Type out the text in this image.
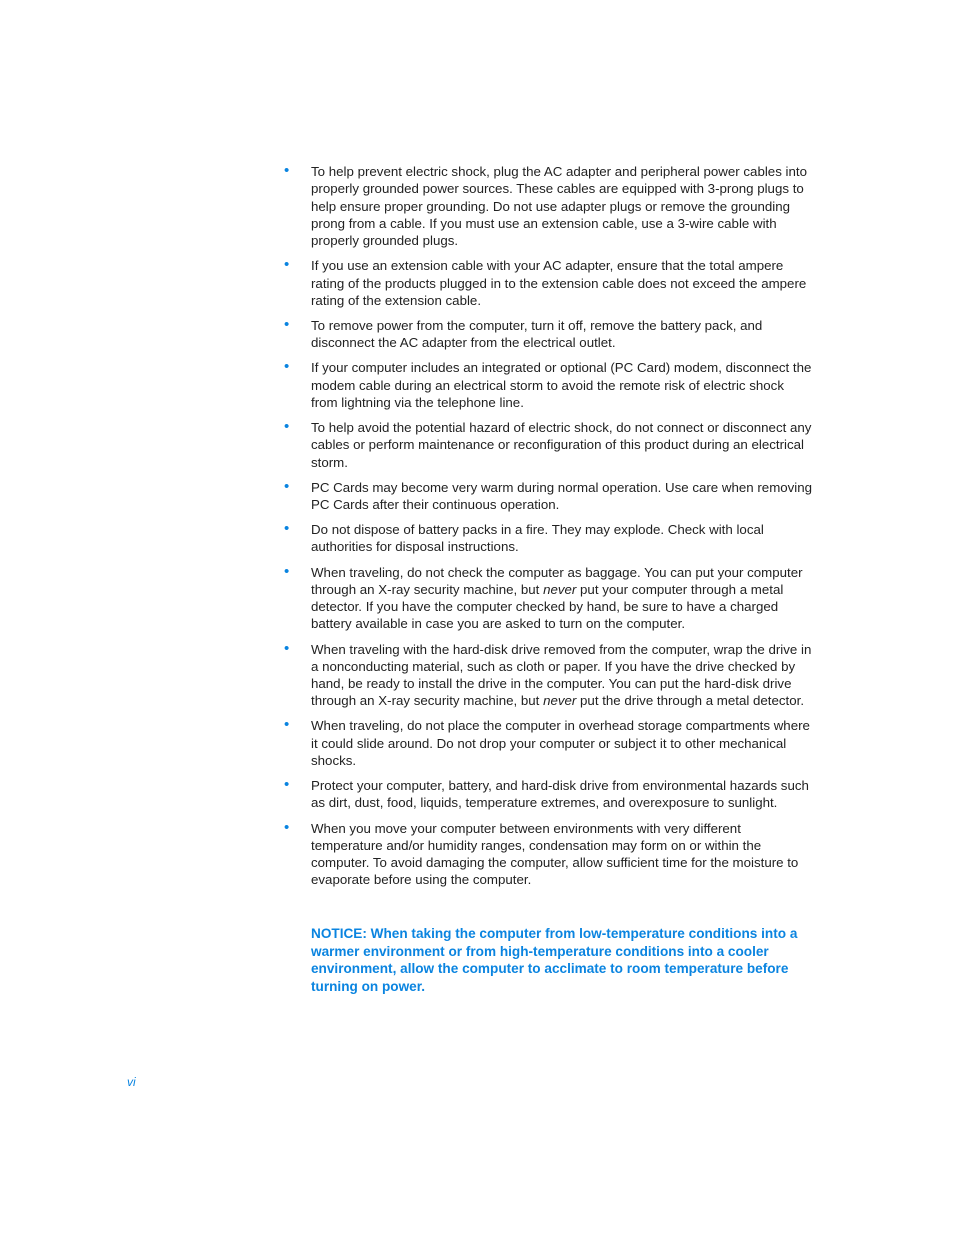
• To help prevent electric shock, plug the AC adapter and peripheral power cables into properly grounded power sources. These cables are equipped with 3-prong plugs to help ensure proper grounding. Do not use adapter plugs or remove the grounding prong from a cable. If you must use an extension cable, use a 3-wire cable with properly grounded plugs.
• If you use an extension cable with your AC adapter, ensure that the total ampere rating of the products plugged in to the extension cable does not exceed the ampere rating of the extension cable.
• To remove power from the computer, turn it off, remove the battery pack, and disconnect the AC adapter from the electrical outlet.
• If your computer includes an integrated or optional (PC Card) modem, disconnect the modem cable during an electrical storm to avoid the remote risk of electric shock from lightning via the telephone line.
• To help avoid the potential hazard of electric shock, do not connect or disconnect any cables or perform maintenance or reconfiguration of this product during an electrical storm.
• PC Cards may become very warm during normal operation. Use care when removing PC Cards after their continuous operation.
• Do not dispose of battery packs in a fire. They may explode. Check with local authorities for disposal instructions.
• When traveling, do not check the computer as baggage. You can put your computer through an X-ray security machine, but never put your computer through a metal detector. If you have the computer checked by hand, be sure to have a charged battery available in case you are asked to turn on the computer.
• When traveling with the hard-disk drive removed from the computer, wrap the drive in a nonconducting material, such as cloth or paper. If you have the drive checked by hand, be ready to install the drive in the computer. You can put the hard-disk drive through an X-ray security machine, but never put the drive through a metal detector.
• When traveling, do not place the computer in overhead storage compartments where it could slide around. Do not drop your computer or subject it to other mechanical shocks.
• Protect your computer, battery, and hard-disk drive from environmental hazards such as dirt, dust, food, liquids, temperature extremes, and overexposure to sunlight.
• When you move your computer between environments with very different temperature and/or humidity ranges, condensation may form on or within the computer. To avoid damaging the computer, allow sufficient time for the moisture to evaporate before using the computer.
NOTICE: When taking the computer from low-temperature conditions into a warmer environment or from high-temperature conditions into a cooler environment, allow the computer to acclimate to room temperature before turning on power.
vi
